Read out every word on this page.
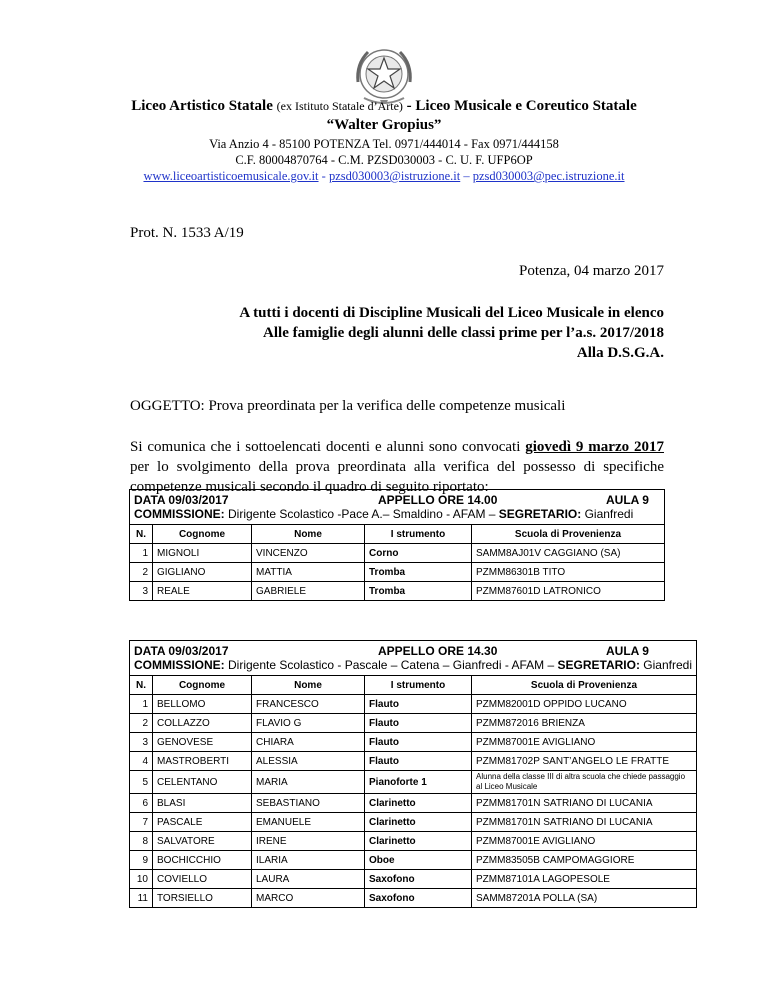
Liceo Artistico Statale (ex Istituto Statale d’Arte) - Liceo Musicale e Coreutico Statale
“Walter Gropius”
Via Anzio 4 - 85100 POTENZA Tel. 0971/444014 - Fax 0971/444158
C.F. 80004870764 - C.M. PZSD030003 - C. U. F. UFP6OP
www.liceoartisticoemusicale.gov.it - pzsd030003@istruzione.it – pzsd030003@pec.istruzione.it
Prot. N. 1533 A/19
Potenza, 04 marzo 2017
A tutti i docenti di Discipline Musicali del Liceo Musicale in elenco
Alle famiglie degli alunni delle classi prime per l’a.s. 2017/2018
Alla D.S.G.A.
OGGETTO: Prova preordinata per la verifica delle competenze musicali
Si comunica che i sottoelencati docenti e alunni sono convocati giovedì 9 marzo 2017 per lo svolgimento della prova preordinata alla verifica del possesso di specifiche competenze musicali secondo il quadro di seguito riportato:
DATA 09/03/2017 APPELLO ORE 14.00 AULA 9				

COMMISSIONE: Dirigente Scolastico -Pace A.– Smaldino - AFAM – SEGRETARIO: Gianfredi				
N.	Cognome	Nome	I strumento	Scuola di Provenienza
1	MIGNOLI	VINCENZO	Corno	SAMM8AJ01V CAGGIANO (SA)
2	GIGLIANO	MATTIA	Tromba	PZMM86301B TITO
3	REALE	GABRIELE	Tromba	PZMM87601D LATRONICO
DATA 09/03/2017 APPELLO ORE 14.30 AULA 9				

COMMISSIONE: Dirigente Scolastico - Pascale – Catena – Gianfredi - AFAM – SEGRETARIO: Gianfredi				
N.	Cognome	Nome	I strumento	Scuola di Provenienza
1	BELLOMO	FRANCESCO	Flauto	PZMM82001D OPPIDO LUCANO
2	COLLAZZO	FLAVIO G	Flauto	PZMM872016 BRIENZA
3	GENOVESE	CHIARA	Flauto	PZMM87001E AVIGLIANO
4	MASTROBERTI	ALESSIA	Flauto	PZMM81702P SANT’ANGELO LE FRATTE
5	CELENTANO	MARIA	Pianoforte 1	Alunna della classe III di altra scuola che chiede passaggio al Liceo Musicale
6	BLASI	SEBASTIANO	Clarinetto	PZMM81701N SATRIANO DI LUCANIA
7	PASCALE	EMANUELE	Clarinetto	PZMM81701N SATRIANO DI LUCANIA
8	SALVATORE	IRENE	Clarinetto	PZMM87001E AVIGLIANO
9	BOCHICCHIO	ILARIA	Oboe	PZMM83505B CAMPOMAGGIORE
10	COVIELLO	LAURA	Saxofono	PZMM87101A LAGOPESOLE
11	TORSIELLO	MARCO	Saxofono	SAMM87201A POLLA (SA)
